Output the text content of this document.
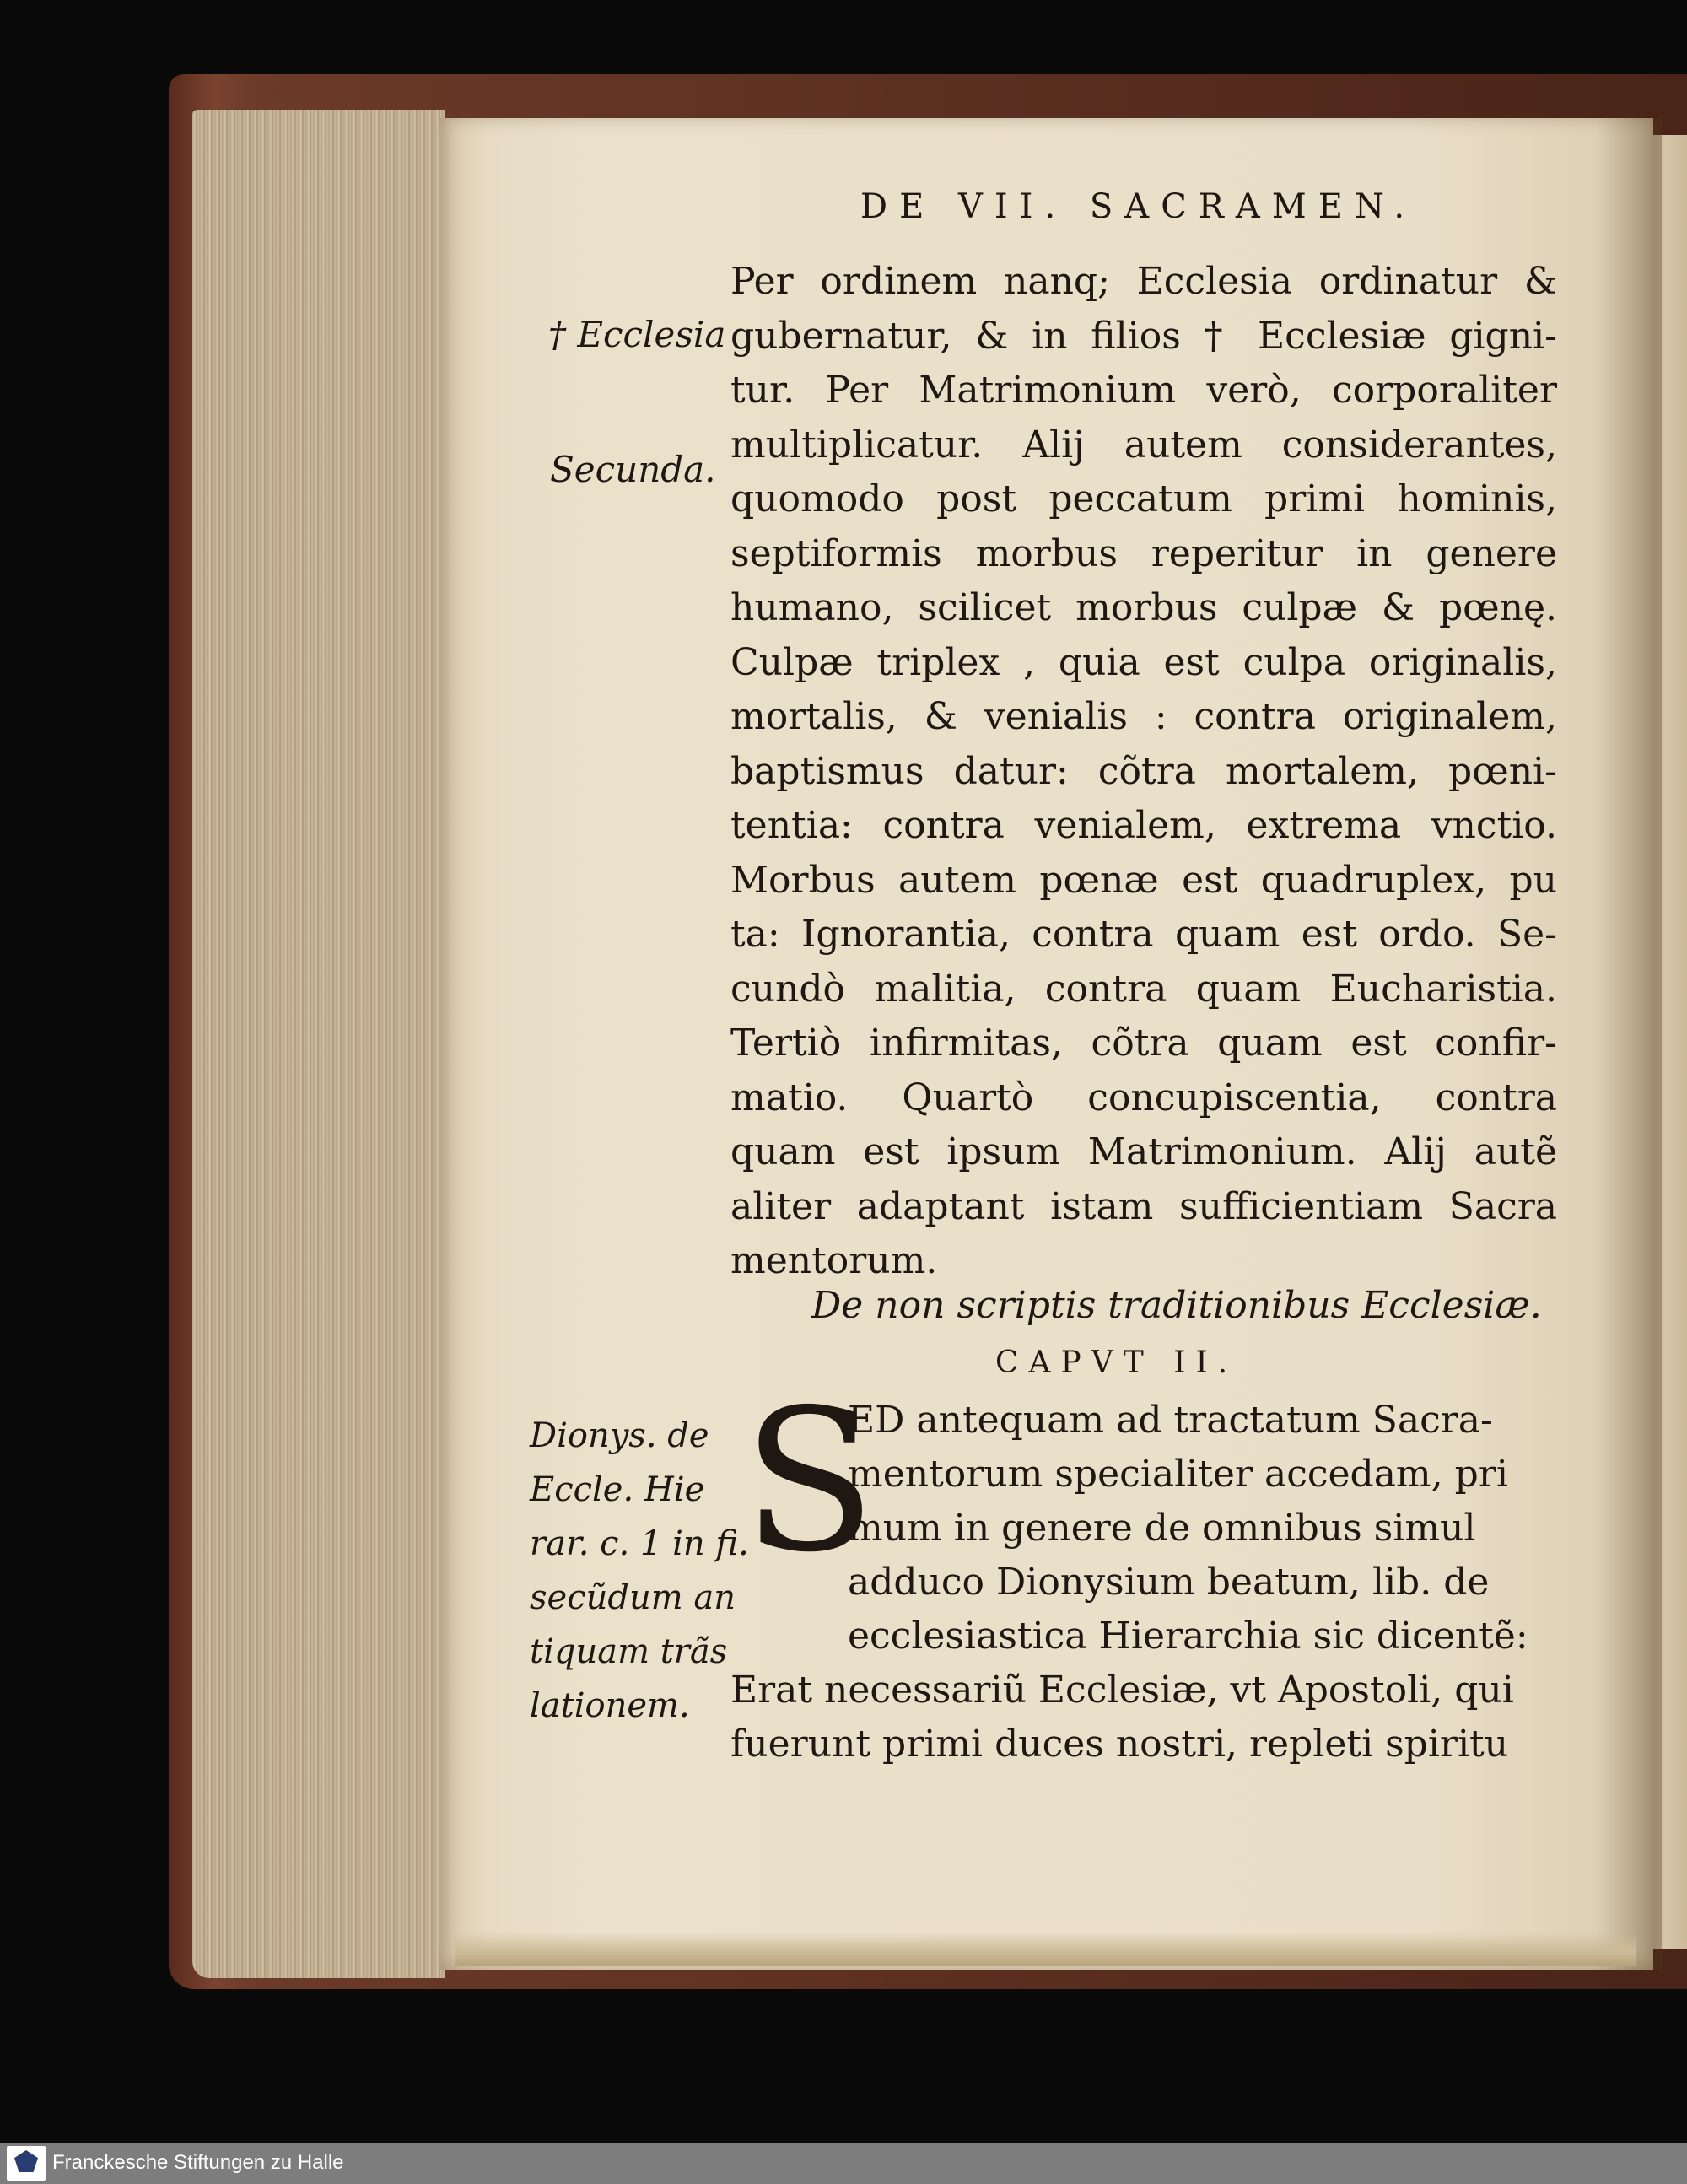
DE VII. SACRAMEN.
† Ecclesia
Secunda.
Per ordinem nanq; Ecclesia ordinatur &
gubernatur, & in filios † Ecclesiæ gigni-
tur. Per Matrimonium verò, corporaliter
multiplicatur. Alij autem considerantes,
quomodo post peccatum primi hominis,
septiformis morbus reperitur in genere
humano, scilicet morbus culpæ & pœnę.
Culpæ triplex , quia est culpa originalis,
mortalis, & venialis : contra originalem,
baptismus datur: cõtra mortalem, pœni-
tentia: contra venialem, extrema vnctio.
Morbus autem pœnæ est quadruplex, pu
ta: Ignorantia, contra quam est ordo. Se-
cundò malitia, contra quam Eucharistia.
Tertiò infirmitas, cõtra quam est confir-
matio. Quartò concupiscentia, contra
quam est ipsum Matrimonium. Alij autẽ
aliter adaptant istam sufficientiam Sacra
mentorum.
De non scriptis traditionibus Ecclesiæ.
CAPVT II.
S
ED antequam ad tractatum Sacra-
mentorum specialiter accedam, pri
mum in genere de omnibus simul
adduco Dionysium beatum, lib. de
ecclesiastica Hierarchia sic dicentẽ:
Erat necessariũ Ecclesiæ, vt Apostoli, qui
fuerunt primi duces nostri, repleti spiritu
Dionys. de
Eccle. Hie
rar. c. 1 in fi.
secũdum an
tiquam trãs
lationem.
Franckesche Stiftungen zu Halle
